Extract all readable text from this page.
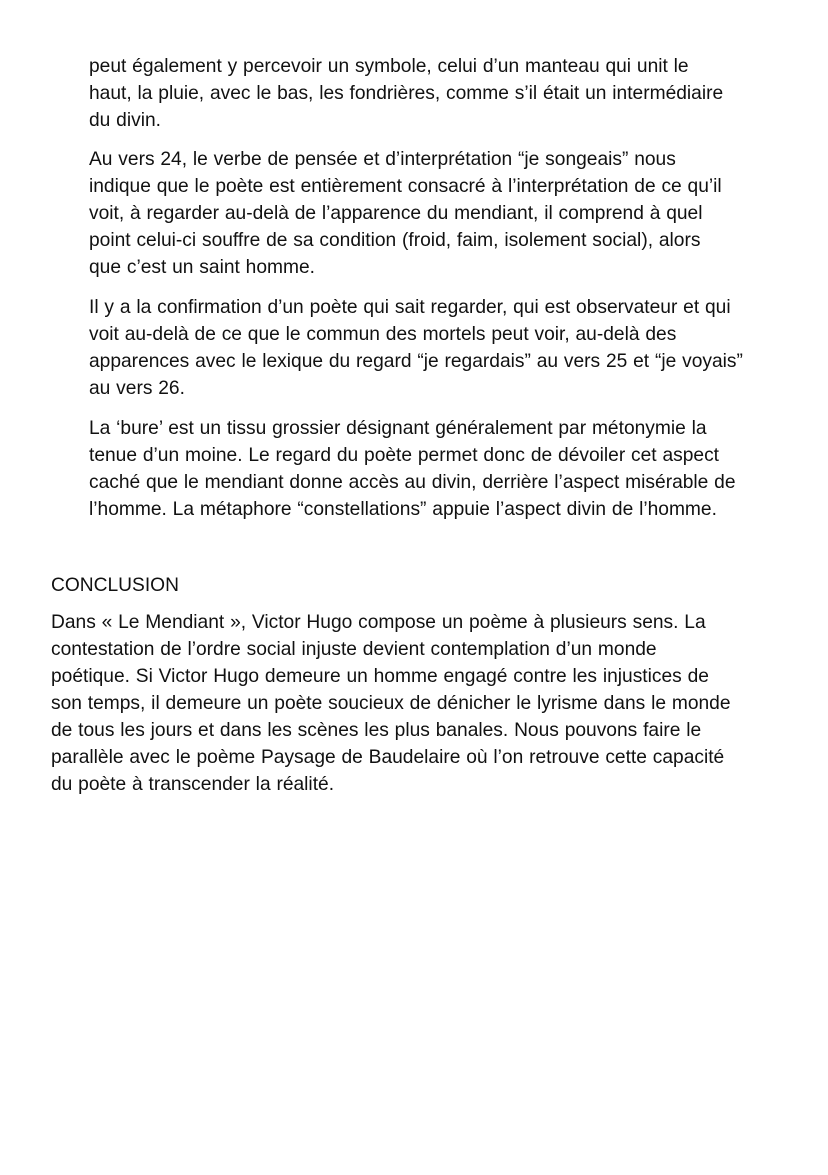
peut également y percevoir un symbole, celui d’un manteau qui unit le
haut, la pluie, avec le bas, les fondrières, comme s’il était un intermédiaire
du divin.

Au vers 24, le verbe de pensée et d’interprétation “je songeais” nous
indique que le poète est entièrement consacré à l’interprétation de ce qu’il
voit, à regarder au-delà de l’apparence du mendiant, il comprend à quel
point celui-ci souffre de sa condition (froid, faim, isolement social), alors
que c’est un saint homme.

Il y a la confirmation d’un poète qui sait regarder, qui est observateur et qui
voit au-delà de ce que le commun des mortels peut voir, au-delà des
apparences avec le lexique du regard “je regardais” au vers 25 et “je voyais”
au vers 26.

La ‘bure’ est un tissu grossier désignant généralement par métonymie la
tenue d’un moine. Le regard du poète permet donc de dévoiler cet aspect
caché que le mendiant donne accès au divin, derrière l’aspect misérable de
l’homme. La métaphore “constellations” appuie l’aspect divin de l’homme.

CONCLUSION

Dans « Le Mendiant », Victor Hugo compose un poème à plusieurs sens. La
contestation de l’ordre social injuste devient contemplation d’un monde
poétique. Si Victor Hugo demeure un homme engagé contre les injustices de
son temps, il demeure un poète soucieux de dénicher le lyrisme dans le monde
de tous les jours et dans les scènes les plus banales. Nous pouvons faire le
parallèle avec le poème Paysage de Baudelaire où l’on retrouve cette capacité
du poète à transcender la réalité.
